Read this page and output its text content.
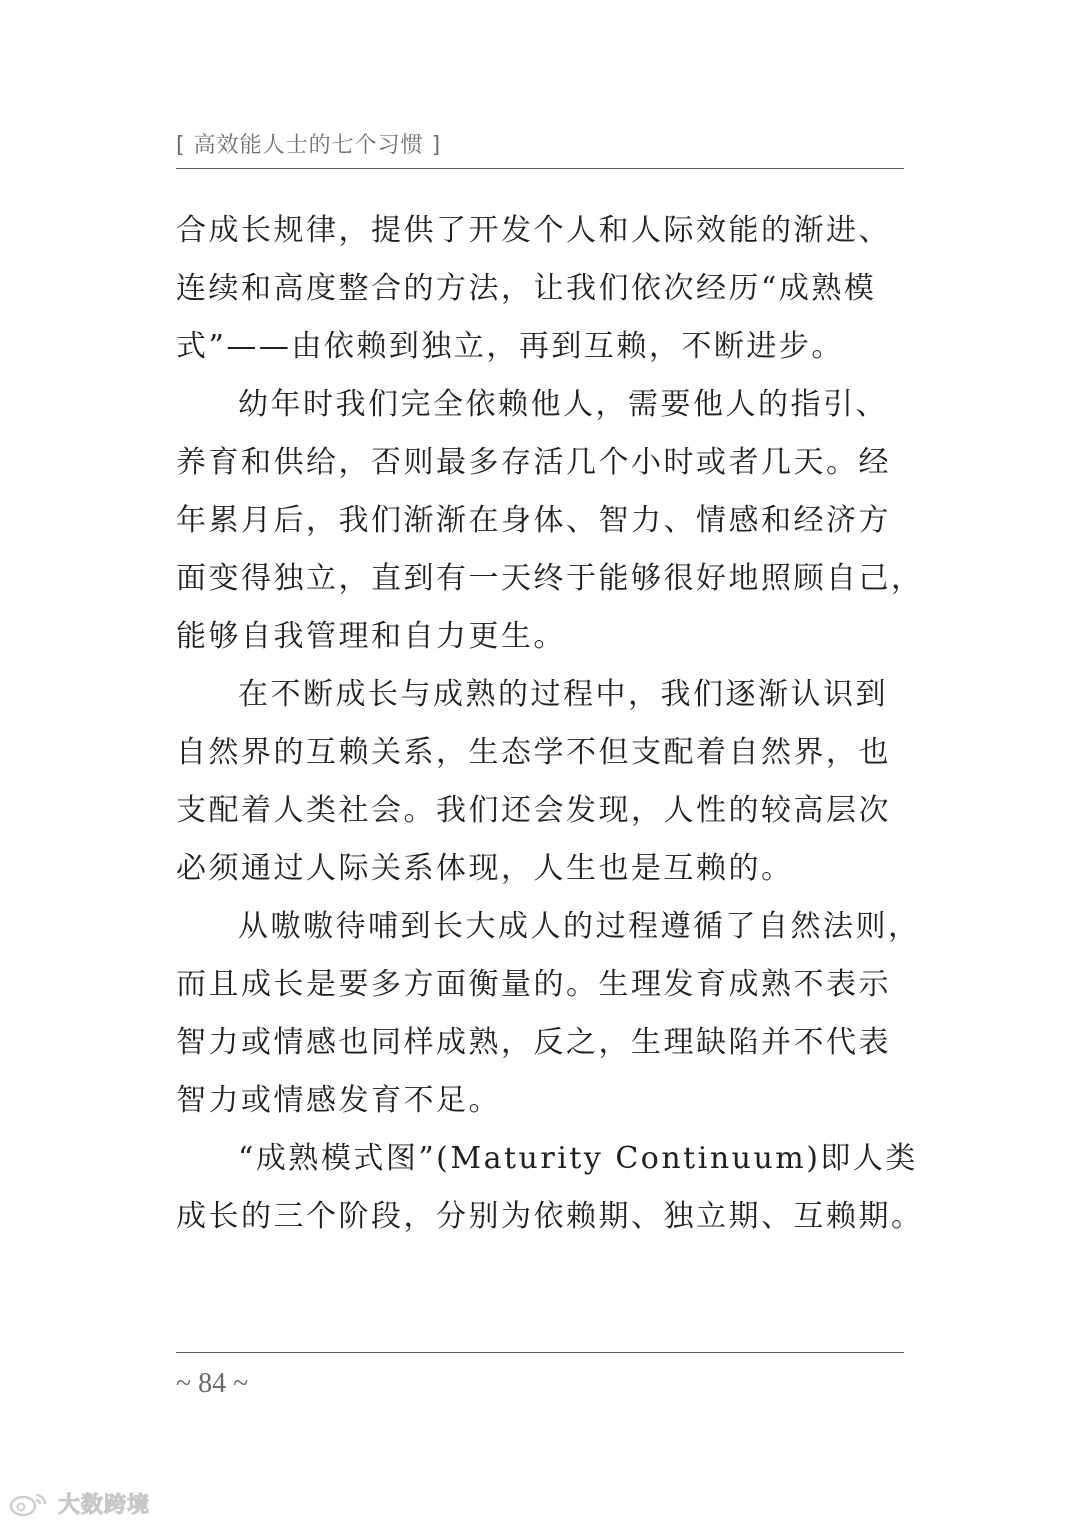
[ 高效能人士的七个习惯 ]
合成长规律，提供了开发个人和人际效能的渐进、
连续和高度整合的方法，让我们依次经历“成熟模
式”——由依赖到独立，再到互赖，不断进步。
幼年时我们完全依赖他人，需要他人的指引、
养育和供给，否则最多存活几个小时或者几天。经
年累月后，我们渐渐在身体、智力、情感和经济方
面变得独立，直到有一天终于能够很好地照顾自己，
能够自我管理和自力更生。
在不断成长与成熟的过程中，我们逐渐认识到
自然界的互赖关系，生态学不但支配着自然界，也
支配着人类社会。我们还会发现，人性的较高层次
必须通过人际关系体现，人生也是互赖的。
从嗷嗷待哺到长大成人的过程遵循了自然法则，
而且成长是要多方面衡量的。生理发育成熟不表示
智力或情感也同样成熟，反之，生理缺陷并不代表
智力或情感发育不足。
“成熟模式图”(Maturity Continuum)即人类
成长的三个阶段，分别为依赖期、独立期、互赖期。
~ 84 ~
大数跨境
